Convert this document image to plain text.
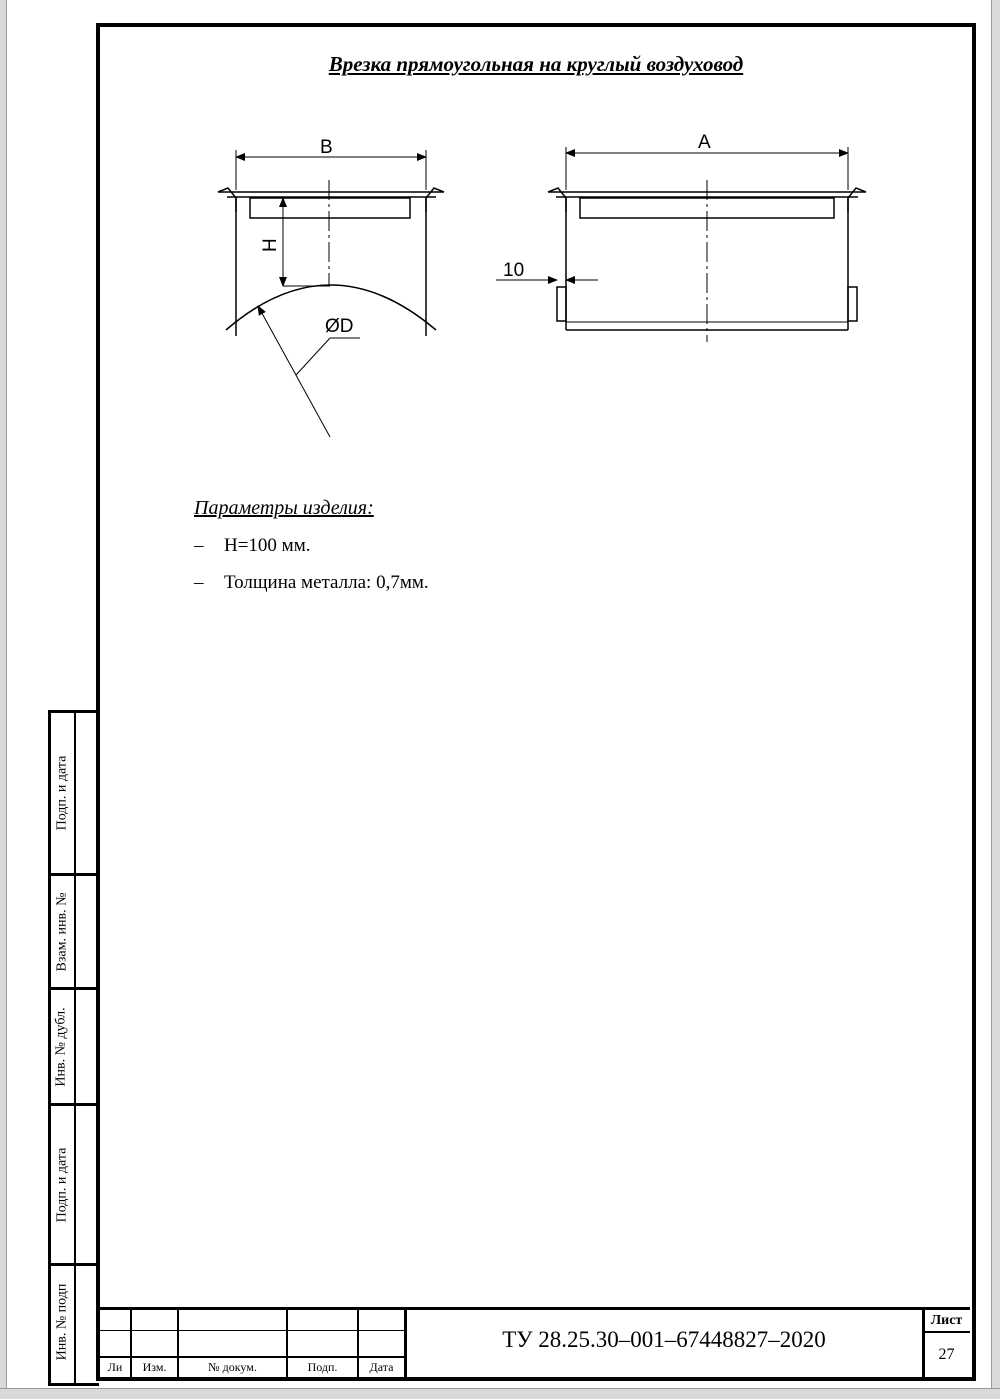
Врезка прямоугольная на круглый воздуховод
B
H
ØD
A
10
Параметры изделия:
– H=100 мм.
– Толщина металла: 0,7мм.
Подп. и дата
Взам. инв. №
Инв. № дубл.
Подп. и дата
Инв. № подп
Ли	Изм.	№ докум.	Подп.	Дата
ТУ 28.25.30–001–67448827–2020
Лист
27
